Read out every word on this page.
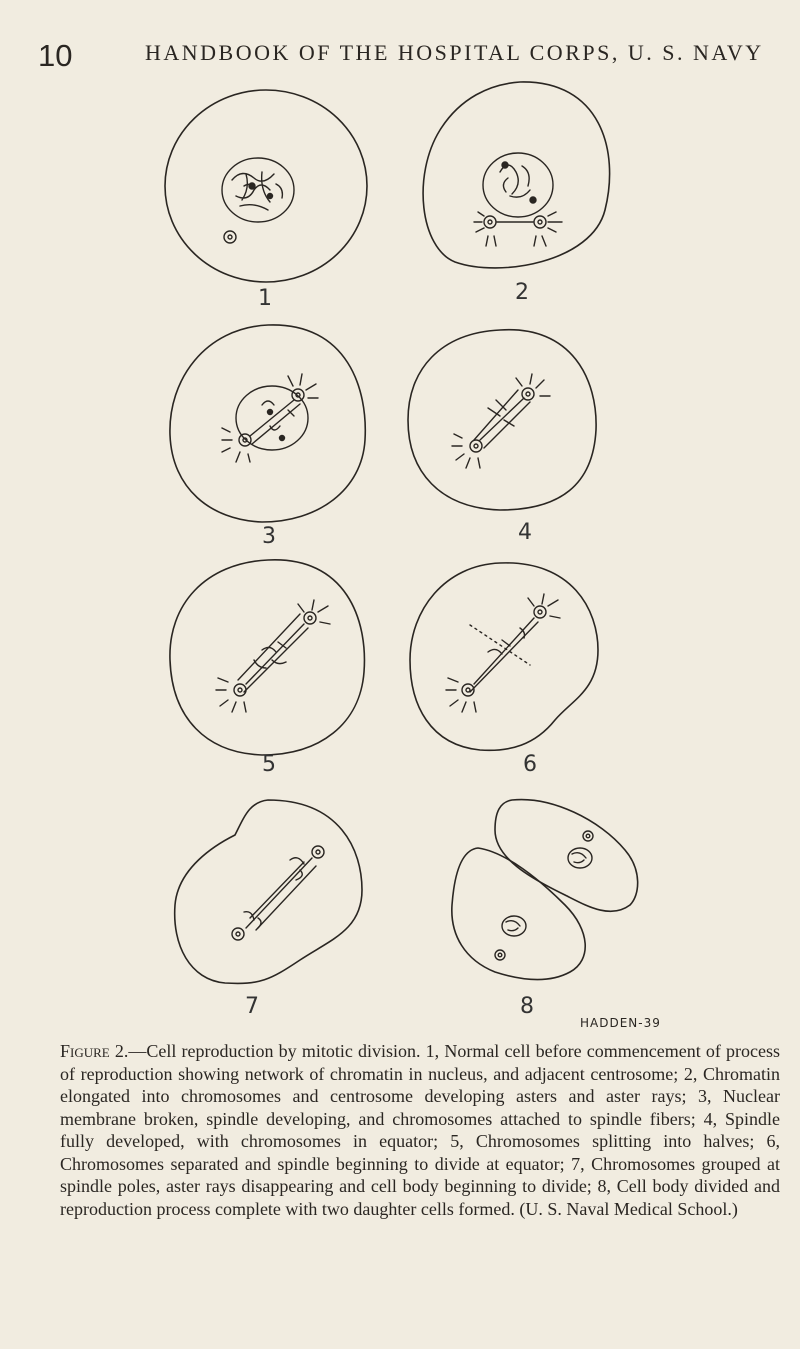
10	HANDBOOK OF THE HOSPITAL CORPS, U. S. NAVY
1	2
3	4
5	6
7	8
HADDEN-39
Figure 2.—Cell reproduction by mitotic division. 1, Normal cell before commencement of process of reproduction showing network of chromatin in nucleus, and adjacent centrosome; 2, Chromatin elongated into chromosomes and centrosome developing asters and aster rays; 3, Nuclear membrane broken, spindle developing, and chromosomes attached to spindle fibers; 4, Spindle fully developed, with chromosomes in equator; 5, Chromosomes splitting into halves; 6, Chromosomes separated and spindle beginning to divide at equator; 7, Chromosomes grouped at spindle poles, aster rays disappearing and cell body beginning to divide; 8, Cell body divided and reproduction process complete with two daughter cells formed. (U. S. Naval Medical School.)
